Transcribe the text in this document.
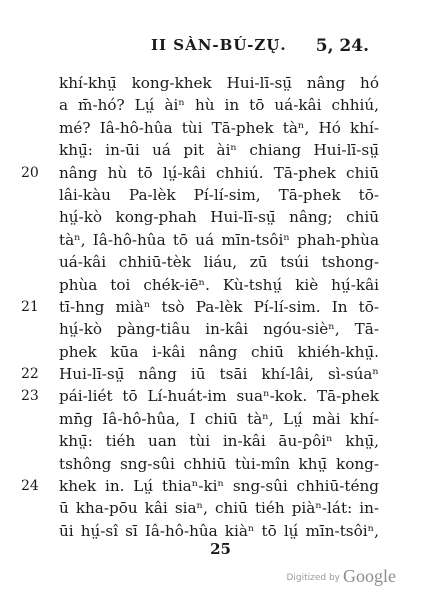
II SÀN-BÚ-ZŲ́. 5, 24.
khí-khṳ̄ kong-khek Hui-lī-sṳ̄ nâng hó
a m̄-hó? Lṳ́ àiⁿ hù in tō uá-kâi chhiú,
mé? Iâ-hô-hûa tùi Tā-phek tàⁿ, Hó khí-
khṳ̄: in-ūi uá pit àiⁿ chiang Hui-lī-sṳ̄
20	nâng hù tō lṳ́-kâi chhiú. Tā-phek chiū
lâi-kàu Pa-lèk Pí-lí-sim, Tā-phek tō-
hṳ́-kò kong-phah Hui-lī-sṳ̄ nâng; chiū
tàⁿ, Iâ-hô-hûa tō uá mīn-tsôiⁿ phah-phùa
uá-kâi chhiū-tèk liáu, zū tsúi tshong-
phùa toi chék-iēⁿ. Kù-tshṳ́ kiè hṳ́-kâi
21	tī-hng miàⁿ tsò Pa-lèk Pí-lí-sim. In tō-
hṳ́-kò pàng-tiâu in-kâi ngóu-sièⁿ, Tā-
phek kūa i-kâi nâng chiū khiéh-khṳ̄.
22	Hui-lī-sṳ̄ nâng iū tsāi khí-lâi, sì-súaⁿ
23	pái-liét tō Lí-huát-im suaⁿ-kok. Tā-phek
mn̄g Iâ-hô-hûa, I chiū tàⁿ, Lṳ́ mài khí-
khṳ̄: tiéh uan tùi in-kâi āu-pôiⁿ khṳ̄,
tshông sng-sûi chhiū tùi-mîn khṳ̄ kong-
24	khek in. Lṳ́ thiaⁿ-kiⁿ sng-sûi chhiū-téng
ū kha-pōu kâi siaⁿ, chiū tiéh piàⁿ-lát: in-
ūi hṳ́-sî sī Iâ-hô-hûa kiàⁿ tō lṳ́ mīn-tsôiⁿ,
25
Digitized by Google
